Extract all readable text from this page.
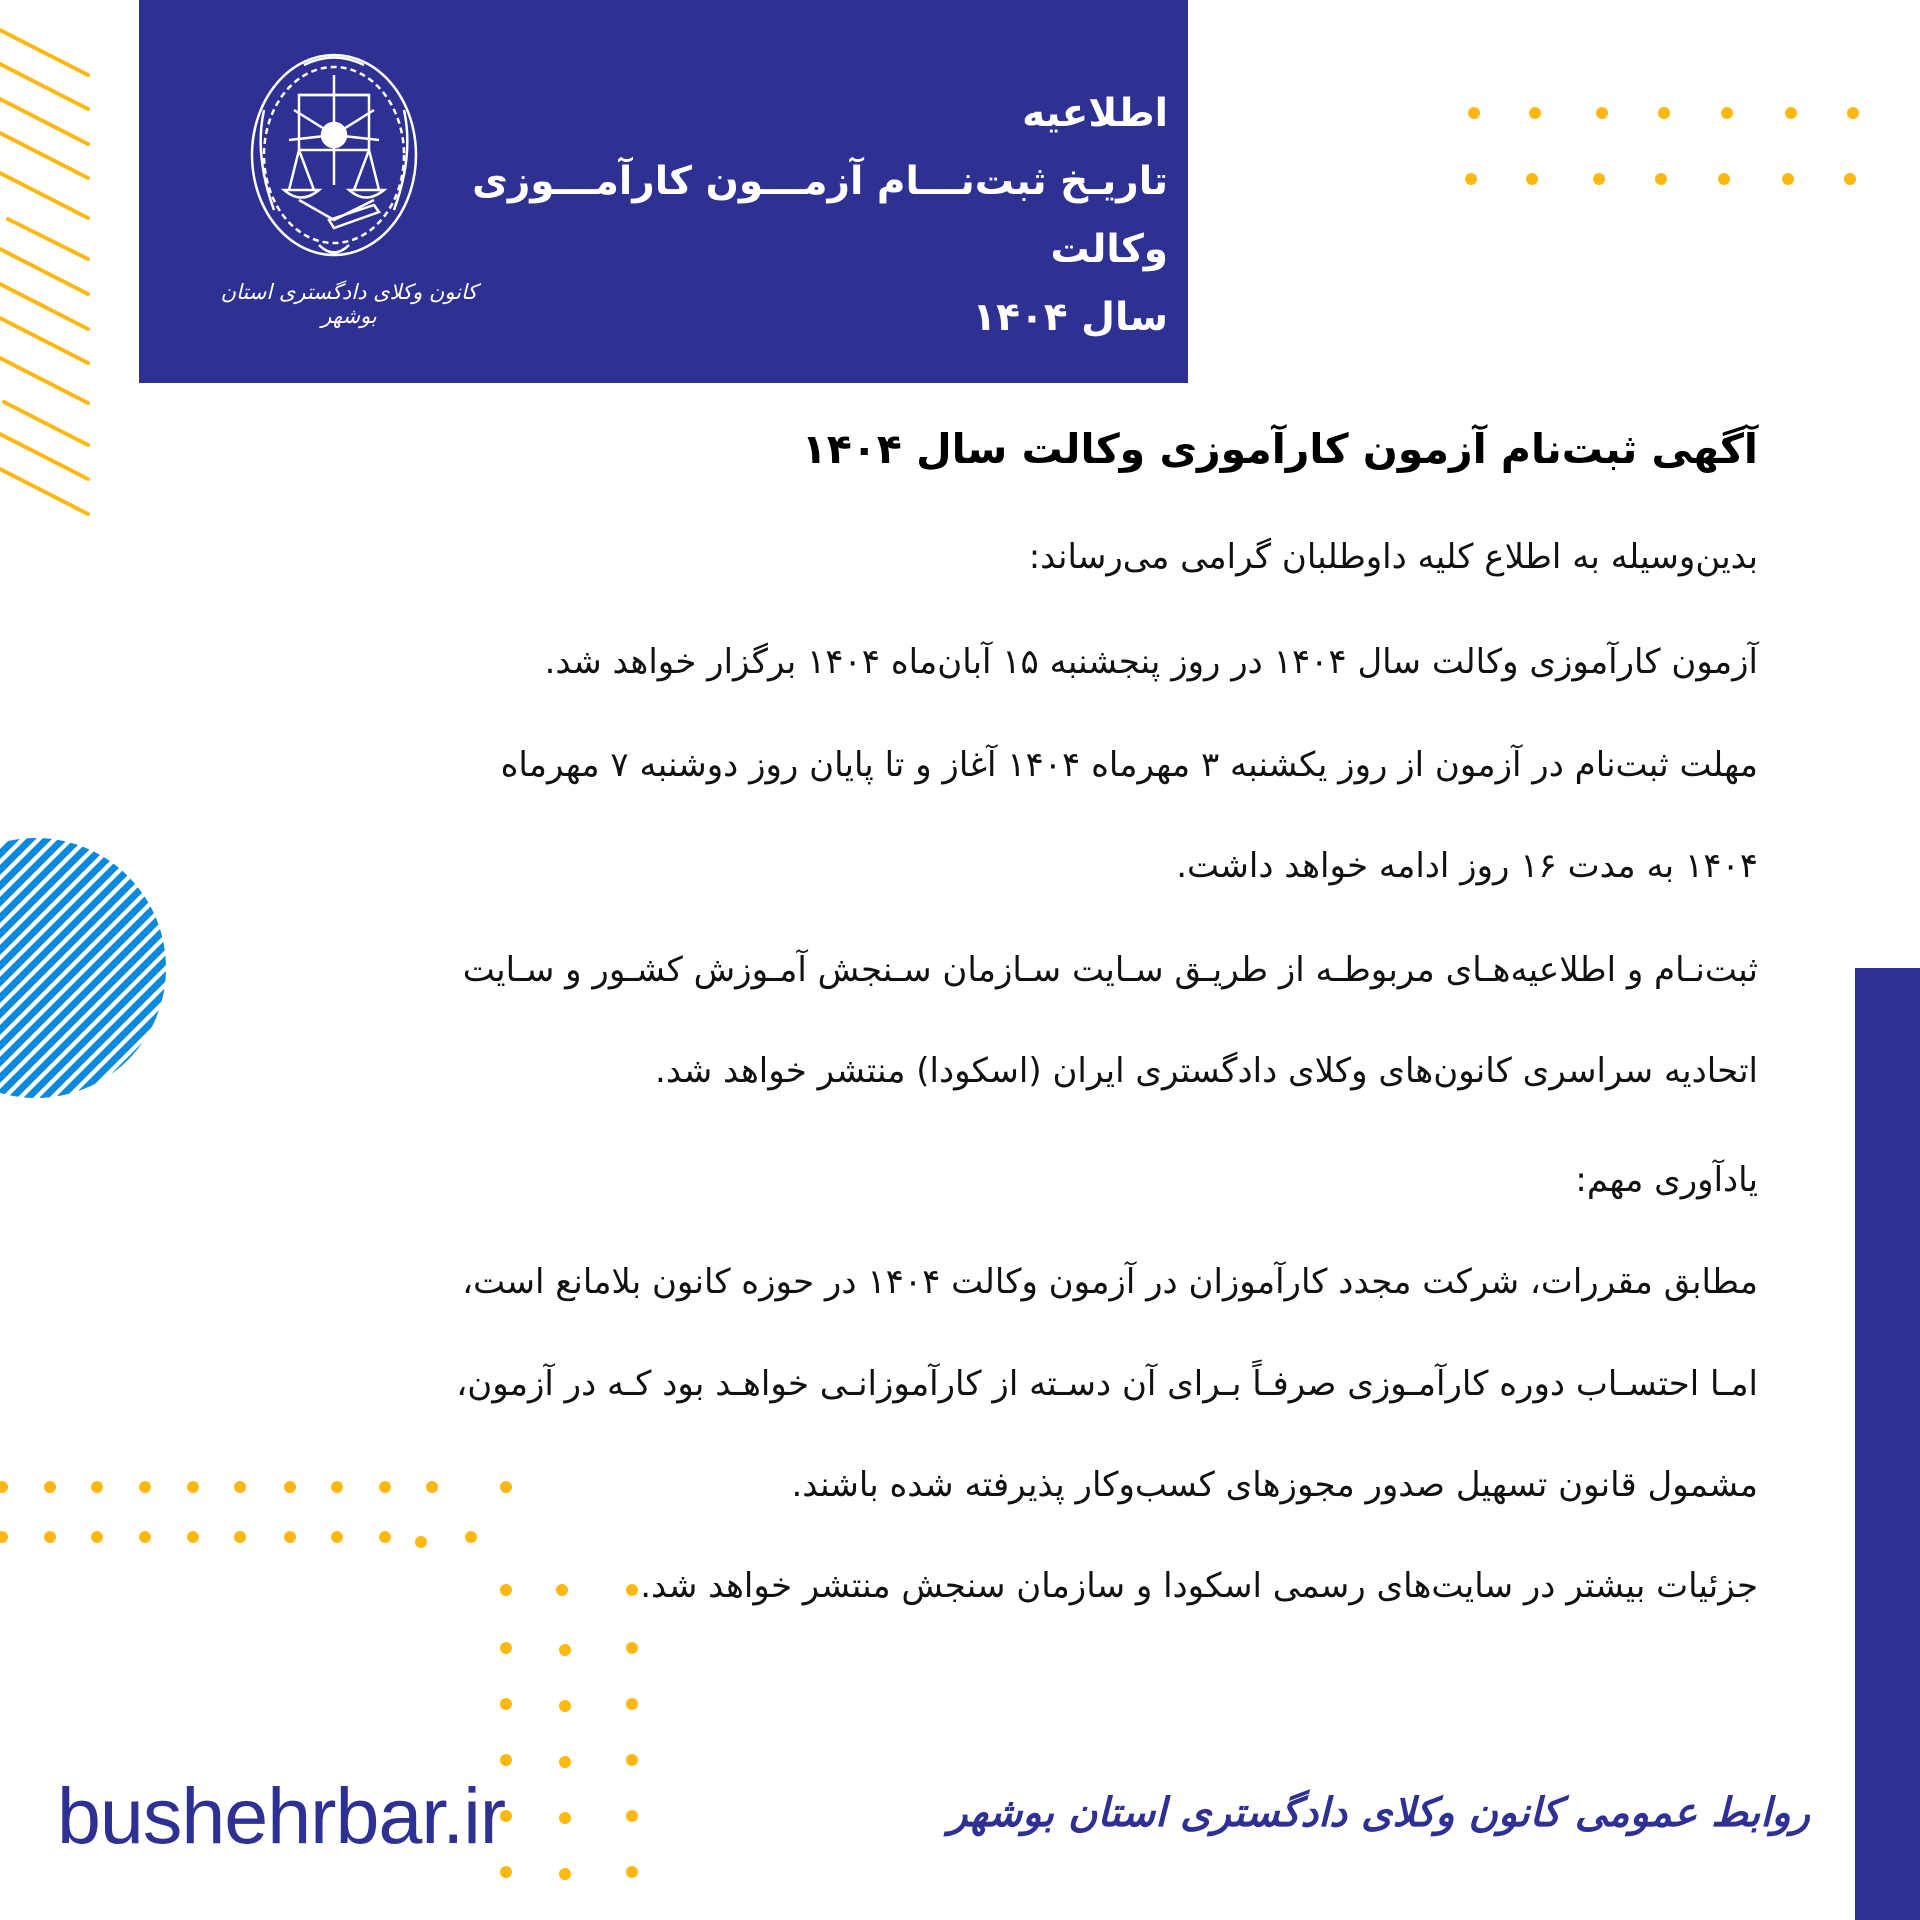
کانون وکلای دادگستری استان بوشهر
اطلاعیه
تاریـخ ثبت‌نـــام آزمـــون کارآمـــوزی وکالت
سال ۱۴۰۴
آگهی ثبت‌نام آزمون کارآموزی وکالت سال ۱۴۰۴
بدین‌وسیله به اطلاع کلیه داوطلبان گرامی می‌رساند:
آزمون کارآموزی وکالت سال ۱۴۰۴ در روز پنجشنبه ۱۵ آبان‌ماه ۱۴۰۴ برگزار خواهد شد.
مهلت ثبت‌نام در آزمون از روز یکشنبه ۳ مهرماه ۱۴۰۴ آغاز و تا پایان روز دوشنبه ۷ مهرماه
۱۴۰۴ به مدت ۱۶ روز ادامه خواهد داشت.
ثبت‌نـام و اطلاعیه‌هـای مربوطـه از طریـق سـایت سـازمان سـنجش آمـوزش کشـور و سـایت
اتحادیه سراسری کانون‌های وکلای دادگستری ایران (اسکودا) منتشر خواهد شد.
یادآوری مهم:
مطابق مقررات، شرکت مجدد کارآموزان در آزمون وکالت ۱۴۰۴ در حوزه کانون بلامانع است،
امـا احتسـاب دوره کارآمـوزی صرفـاً بـرای آن دسـته از کارآموزانـی خواهـد بود کـه در آزمون،
مشمول قانون تسهیل صدور مجوزهای کسب‌وکار پذیرفته شده باشند.
جزئیات بیشتر در سایت‌های رسمی اسکودا و سازمان سنجش منتشر خواهد شد.
bushehrbar.ir	روابط عمومی کانون وکلای دادگستری استان بوشهر
